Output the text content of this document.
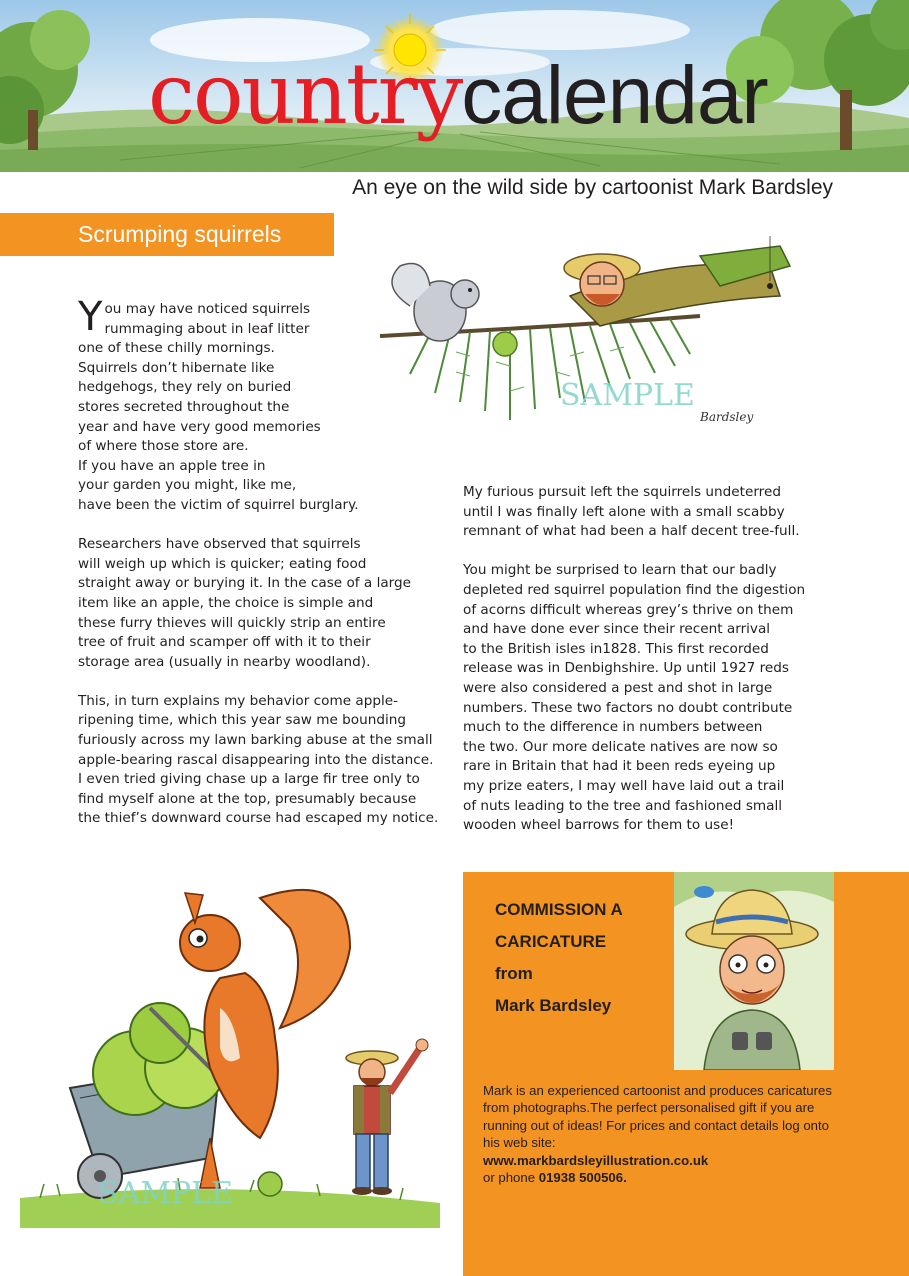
countrycalendar
An eye on the wild side by cartoonist Mark Bardsley
Scrumping squirrels
Bardsley
SAMPLE

You may have noticed squirrels

rummaging about in leaf litter

one of these chilly mornings.

Squirrels don’t hibernate like

hedgehogs, they rely on buried

stores secreted throughout the

year and have very good memories

of where those store are.

If you have an apple tree in

your garden you might, like me,

have been the victim of squirrel burglary.

Researchers have observed that squirrels

will weigh up which is quicker; eating food

straight away or burying it. In the case of a large

item like an apple, the choice is simple and

these furry thieves will quickly strip an entire

tree of fruit and scamper off with it to their

storage area (usually in nearby woodland).

This, in turn explains my behavior come apple-

ripening time, which this year saw me bounding

furiously across my lawn barking abuse at the small

apple-bearing rascal disappearing into the distance.

I even tried giving chase up a large fir tree only to

find myself alone at the top, presumably because

the thief’s downward course had escaped my notice.

My furious pursuit left the squirrels undeterred

until I was finally left alone with a small scabby

remnant of what had been a half decent tree-full.

You might be surprised to learn that our badly

depleted red squirrel population find the digestion

of acorns difficult whereas grey’s thrive on them

and have done ever since their recent arrival

to the British isles in1828. This first recorded

release was in Denbighshire. Up until 1927 reds

were also considered a pest and shot in large

numbers. These two factors no doubt contribute

much to the difference in numbers between

the two. Our more delicate natives are now so

rare in Britain that had it been reds eyeing up

my prize eaters, I may well have laid out a trail

of nuts leading to the tree and fashioned small

wooden wheel barrows for them to use!

SAMPLE

COMMISSION A

CARICATURE

from

Mark Bardsley

Mark is an experienced cartoonist and produces caricatures

from photographs.The perfect personalised gift if you are

running out of ideas! For prices and contact details log onto

his web site:

www.markbardsleyillustration.co.uk

or phone 01938 500506.
